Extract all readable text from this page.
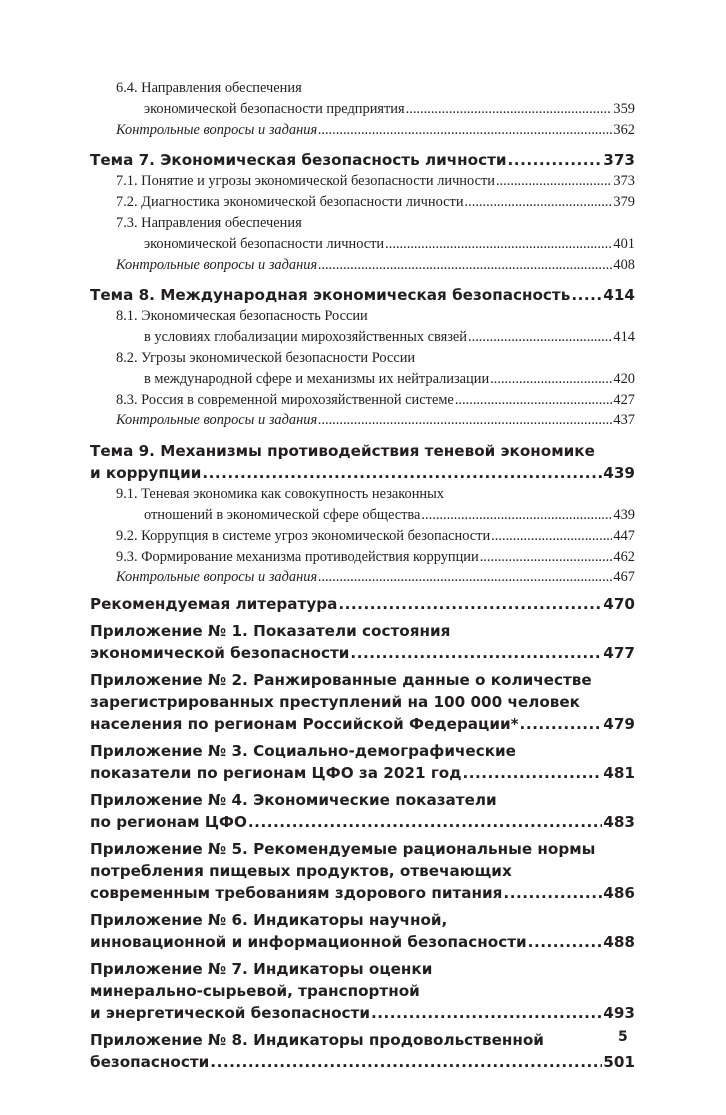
6.4. Направления обеспечения
экономической безопасности предприятия .....	359
Контрольные вопросы и задания .....	362
Тема 7. Экономическая безопасность личности .....	373
7.1. Понятие и угрозы экономической безопасности личности .....	373
7.2. Диагностика экономической безопасности личности .....	379
7.3. Направления обеспечения
экономической безопасности личности .....	401
Контрольные вопросы и задания .....	408
Тема 8. Международная экономическая безопасность ..... 414
8.1. Экономическая безопасность России
в условиях глобализации мирохозяйственных связей .....	414
8.2. Угрозы экономической безопасности России
в международной сфере и механизмы их нейтрализации .....	420
8.3. Россия в современной мирохозяйственной системе .....	427
Контрольные вопросы и задания .....	437
Тема 9. Механизмы противодействия теневой экономике
и коррупции .....	439
9.1. Теневая экономика как совокупность незаконных
отношений в экономической сфере общества .....	439
9.2. Коррупция в системе угроз экономической безопасности .....	447
9.3. Формирование механизма противодействия коррупции .....	462
Контрольные вопросы и задания .....	467
Рекомендуемая литература .....	470
Приложение № 1. Показатели состояния
экономической безопасности .....	477
Приложение № 2. Ранжированные данные о количестве
зарегистрированных преступлений на 100 000 человек
населения по регионам Российской Федерации* .....	479
Приложение № 3. Социально-демографические
показатели по регионам ЦФО за 2021 год .....	481
Приложение № 4. Экономические показатели
по регионам ЦФО .....	483
Приложение № 5. Рекомендуемые рациональные нормы
потребления пищевых продуктов, отвечающих
современным требованиям здорового питания .....	486
Приложение № 6. Индикаторы научной,
инновационной и информационной безопасности .....	488
Приложение № 7. Индикаторы оценки
минерально-сырьевой, транспортной
и энергетической безопасности .....	493
Приложение № 8. Индикаторы продовольственной
безопасности .....	501
5
